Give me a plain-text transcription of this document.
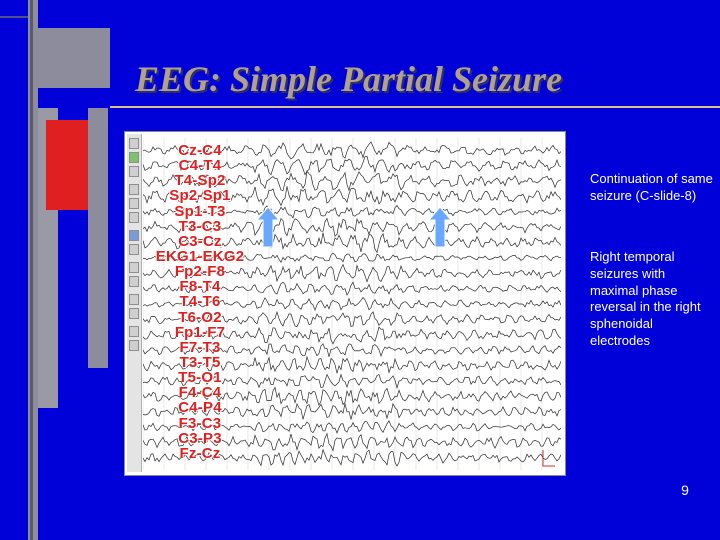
EEG: Simple Partial Seizure
Cz-C4
C4-T4
T4-Sp2
Sp2-Sp1
Sp1-T3
T3-C3
C3-Cz
EKG1-EKG2
Fp2-F8
F8-T4
T4-T6
T6-O2
Fp1-F7
F7-T3
T3-T5
T5-O1
F4-C4
C4-P4
F3-C3
C3-P3
Fz-Cz

Continuation of same seizure (C-slide-8)

Right temporal seizures with maximal phase reversal in the right sphenoidal electrodes

9
